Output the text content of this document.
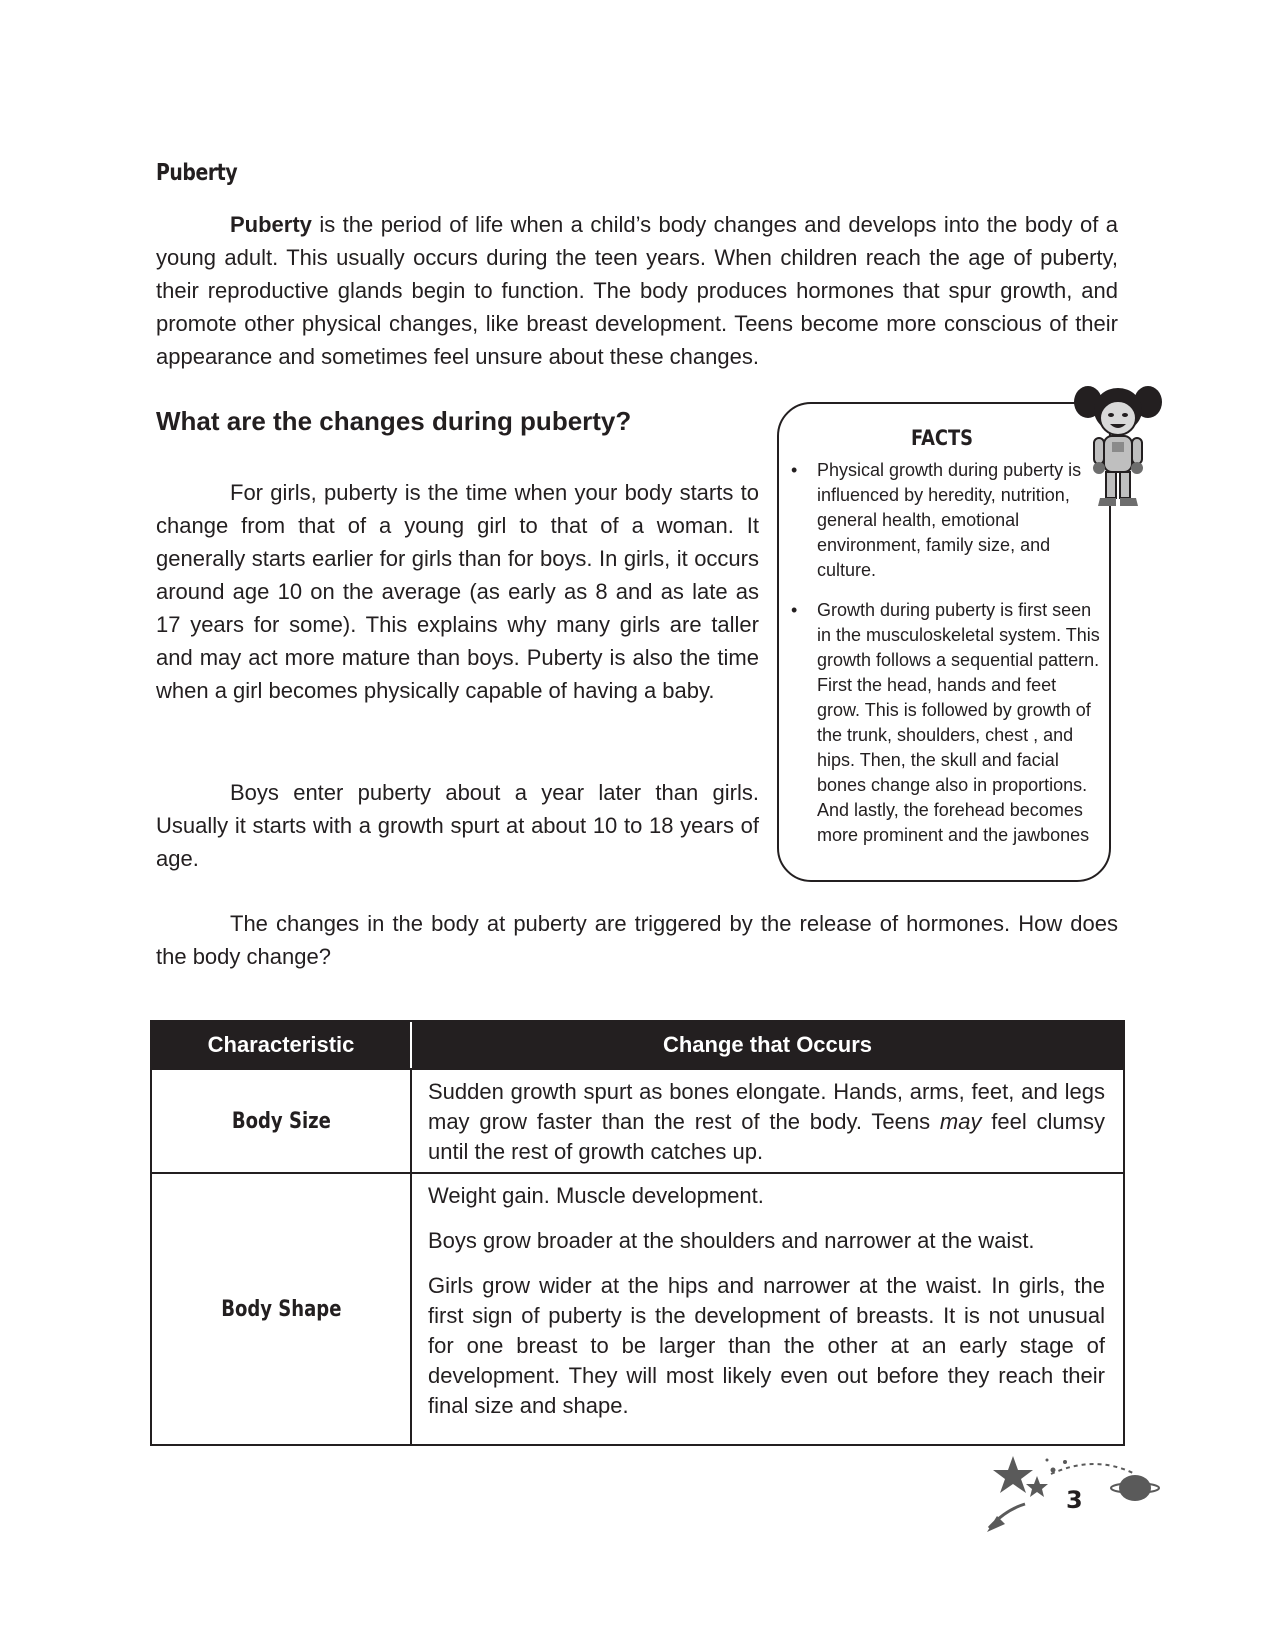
Puberty

Puberty is the period of life when a child’s body changes and develops into the body of a young adult. This usually occurs during the teen years. When children reach the age of puberty, their reproductive glands begin to function. The body produces hormones that spur growth, and promote other physical changes, like breast development. Teens become more conscious of their appearance and sometimes feel unsure about these changes.

What are the changes during puberty?

For girls, puberty is the time when your body starts to change from that of a young girl to that of a woman. It generally starts earlier for girls than for boys. In girls, it occurs around age 10 on the average (as early as 8 and as late as 17 years for some). This explains why many girls are taller and may act more mature than boys. Puberty is also the time when a girl becomes physically capable of having a baby.

Boys enter puberty about a year later than girls. Usually it starts with a growth spurt at about 10 to 18 years of age.

FACTS
• Physical growth during puberty is influenced by heredity, nutrition, general health, emotional environment, family size, and culture.
• Growth during puberty is first seen in the musculoskeletal system. This growth follows a sequential pattern. First the head, hands and feet grow. This is followed by growth of the trunk, shoulders, chest , and hips. Then, the skull and facial bones change also in proportions. And lastly, the forehead becomes more prominent and the jawbones

The changes in the body at puberty are triggered by the release of hormones. How does the body change?

Characteristic	Change that Occurs
Body Size

Sudden growth spurt as bones elongate. Hands, arms, feet, and legs may grow faster than the rest of the body. Teens may feel clumsy until the rest of growth catches up.

Body Shape

Weight gain. Muscle development.

Boys grow broader at the shoulders and narrower at the waist.

Girls grow wider at the hips and narrower at the waist. In girls, the first sign of puberty is the development of breasts. It is not unusual for one breast to be larger than the other at an early stage of development. They will most likely even out before they reach their final size and shape.

3
